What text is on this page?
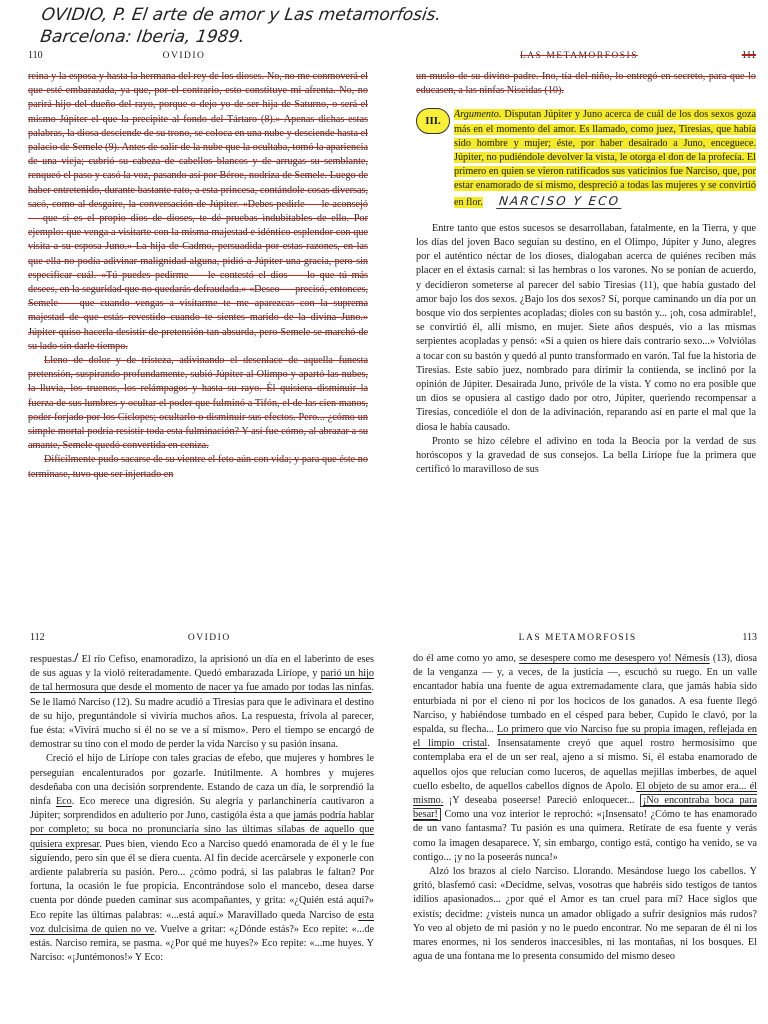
OVIDIO, P. El arte de amor y Las metamorfosis.
Barcelona: Iberia, 1989.
110	OVIDIO

reina y la esposa y hasta la hermana del rey de los dioses. No, no me conmoverá el que esté embarazada, ya que, por el contrario, esto constituye mi afrenta. No, no parirá hijo del dueño del rayo, porque o dejo yo de ser hija de Saturno, o será el mismo Júpiter el que la precipite al fondo del Tártaro (8).» Apenas dichas estas palabras, la diosa desciende de su trono, se coloca en una nube y desciende hasta el palacio de Semele (9). Antes de salir de la nube que la ocultaba, tomó la apariencia de una vieja; cubrió su cabeza de cabellos blancos y de arrugas su semblante, renqueó el paso y casó la voz, pasando así por Béroe, nodriza de Semele. Luego de haber entretenido, durante bastante rato, a esta princesa, contándole cosas diversas, sacó, como al desgaire, la conversación de Júpiter. «Debes pedirle — le aconsejó — que si es el propio dios de dioses, te dé pruebas indubitables de ello. Por ejemplo: que venga a visitarte con la misma majestad e idéntico esplendor con que visita a su esposa Juno.» La hija de Cadmo, persuadida por estas razones, en las que ella no podía adivinar malignidad alguna, pidió a Júpiter una gracia, pero sin especificar cuál. «Tú puedes pedirme — le contestó el dios — lo que tú más desees, en la seguridad que no quedarás defraudada.» «Deseo — precisó, entonces, Semele — que cuando vengas a visitarme te me aparezcas con la suprema majestad de que estás revestido cuando te sientes marido de la divina Juno.» Júpiter quiso hacerla desistir de pretensión tan absurda, pero Semele se marchó de su lado sin darle tiempo.

Lleno de dolor y de tristeza, adivinando el desenlace de aquella funesta pretensión, suspirando profundamente, subió Júpiter al Olimpo y apartó las nubes, la lluvia, los truenos, los relámpagos y hasta su rayo. Él quisiera disminuir la fuerza de sus lumbres y ocultar el poder que fulminó a Tifón, el de las cien manos, poder forjado por los Cíclopes; ocultarlo o disminuir sus efectos. Pero... ¿cómo un simple mortal podría resistir toda esta fulminación? Y así fue cómo, al abrazar a su amante, Semele quedó convertida en ceniza.

Difícilmente pudo sacarse de su vientre el feto aún con vida; y para que éste no terminase, tuvo que ser injertado en

LAS METAMORFOSIS	111

un muslo de su divino padre. Ino, tía del niño, lo entregó en secreto, para que lo educasen, a las ninfas Niseidas (10).

III.
Argumento. Disputan Júpiter y Juno acerca de cuál de los dos sexos goza más en el momento del amor. Es llamado, como juez, Tiresias, que había sido hombre y mujer; éste, por haber desairado a Juno, enceguece. Júpiter, no pudiéndole devolver la vista, le otorga el don de la profecía. El primero en quien se vieron ratificados sus vaticinios fue Narciso, que, por estar enamorado de sí mismo, despreció a todas las mujeres y se convirtió en flor. NARCISO Y ECO

Entre tanto que estos sucesos se desarrollaban, fatalmente, en la Tierra, y que los días del joven Baco seguían su destino, en el Olimpo, Júpiter y Juno, alegres por el auténtico néctar de los dioses, dialogaban acerca de quiénes reciben más placer en el éxtasis carnal: si las hembras o los varones. No se ponían de acuerdo, y decidieron someterse al parecer del sabio Tiresias (11), que había gustado del amor bajo los dos sexos. ¿Bajo los dos sexos? Sí, porque caminando un día por un bosque vio dos serpientes acopladas; dioles con su bastón y... ¡oh, cosa admirable!, se convirtió él, allí mismo, en mujer. Siete años después, vio a las mismas serpientes acopladas y pensó: «Si a quien os hiere dais contrario sexo...» Volviólas a tocar con su bastón y quedó al punto transformado en varón. Tal fue la historia de Tiresias. Este sabio juez, nombrado para dirimir la contienda, se inclinó por la opinión de Júpiter. Desairada Juno, privóle de la vista. Y como no era posible que un dios se opusiera al castigo dado por otro, Júpiter, queriendo recompensar a Tiresias, concedióle el don de la adivinación, reparando así en parte el mal que la diosa le había causado.

Pronto se hizo célebre el adivino en toda la Beocia por la verdad de sus horóscopos y la gravedad de sus consejos. La bella Liríope fue la primera que certificó lo maravilloso de sus

112	OVIDIO

respuestas./ El río Cefiso, enamoradizo, la aprisionó un día en el laberinto de eses de sus aguas y la violó reiteradamente. Quedó embarazada Liríope, y parió un hijo de tal hermosura que desde el momento de nacer ya fue amado por todas las ninfas. Se le llamó Narciso (12). Su madre acudió a Tiresias para que le adivinara el destino de su hijo, preguntándole si viviría muchos años. La respuesta, frívola al parecer, fue ésta: «Vivirá mucho si él no se ve a sí mismo». Pero el tiempo se encargó de demostrar su tino con el modo de perder la vida Narciso y su pasión insana.

Creció el hijo de Liríope con tales gracias de efebo, que mujeres y hombres le perseguían encalenturados por gozarle. Inútilmente. A hombres y mujeres desdeñaba con una decisión sorprendente. Estando de caza un día, le sorprendió la ninfa Eco. Eco merece una digresión. Su alegría y parlanchinería cautivaron a Júpiter; sorprendidos en adulterio por Juno, castigóla ésta a que jamás podría hablar por completo; su boca no pronunciaría sino las últimas sílabas de aquello que quisiera expresar. Pues bien, viendo Eco a Narciso quedó enamorada de él y le fue siguiendo, pero sin que él se diera cuenta. Al fin decide acercársele y exponerle con ardiente palabrería su pasión. Pero... ¿cómo podrá, si las palabras le faltan? Por fortuna, la ocasión le fue propicia. Encontrándose solo el mancebo, desea darse cuenta por dónde pueden caminar sus acompañantes, y grita: «¿Quién está aquí?» Eco repite las últimas palabras: «...está aquí.» Maravillado queda Narciso de esta voz dulcísima de quien no ve. Vuelve a gritar: «¿Dónde estás?» Eco repite: «...de estás. Narciso remira, se pasma. «¿Por qué me huyes?» Eco repite: «...me huyes. Y Narciso: «¡Juntémonos!» Y Eco:

LAS METAMORFOSIS	113

do él ame como yo amo, se desespere como me desespero yo! Némesis (13), diosa de la venganza — y, a veces, de la justicia —, escuchó su ruego. En un valle encantador había una fuente de agua extremadamente clara, que jamás había sido enturbiada ni por el cieno ni por los hocicos de los ganados. A esa fuente llegó Narciso, y habiéndose tumbado en el césped para beber, Cupido le clavó, por la espalda, su flecha... Lo primero que vio Narciso fue su propia imagen, reflejada en el limpio cristal. Insensatamente creyó que aquel rostro hermosísimo que contemplaba era el de un ser real, ajeno a sí mismo. Sí, él estaba enamorado de aquellos ojos que relucían como luceros, de aquellas mejillas imberbes, de aquel cuello esbelto, de aquellos cabellos dignos de Apolo. El objeto de su amor era... él mismo. ¡Y deseaba poseerse! Pareció enloquecer... ¡No encontraba boca para besar! Como una voz interior le reprochó: «¡Insensato! ¿Cómo te has enamorado de un vano fantasma? Tu pasión es una quimera. Retírate de esa fuente y verás como la imagen desaparece. Y, sin embargo, contigo está, contigo ha venido, se va contigo... ¡y no la poseerás nunca!»

Alzó los brazos al cielo Narciso. Llorando. Mesándose luego los cabellos. Y gritó, blasfemó casi: «Decidme, selvas, vosotras que habréis sido testigos de tantos idilios apasionados... ¿por qué el Amor es tan cruel para mí? Hace siglos que existís; decidme: ¿visteis nunca un amador obligado a sufrir designios más rudos? Yo veo al objeto de mi pasión y no le puedo encontrar. No me separan de él ni los mares enormes, ni los senderos inaccesibles, ni las montañas, ni los bosques. El agua de una fontana me lo presenta consumido del mismo deseo
